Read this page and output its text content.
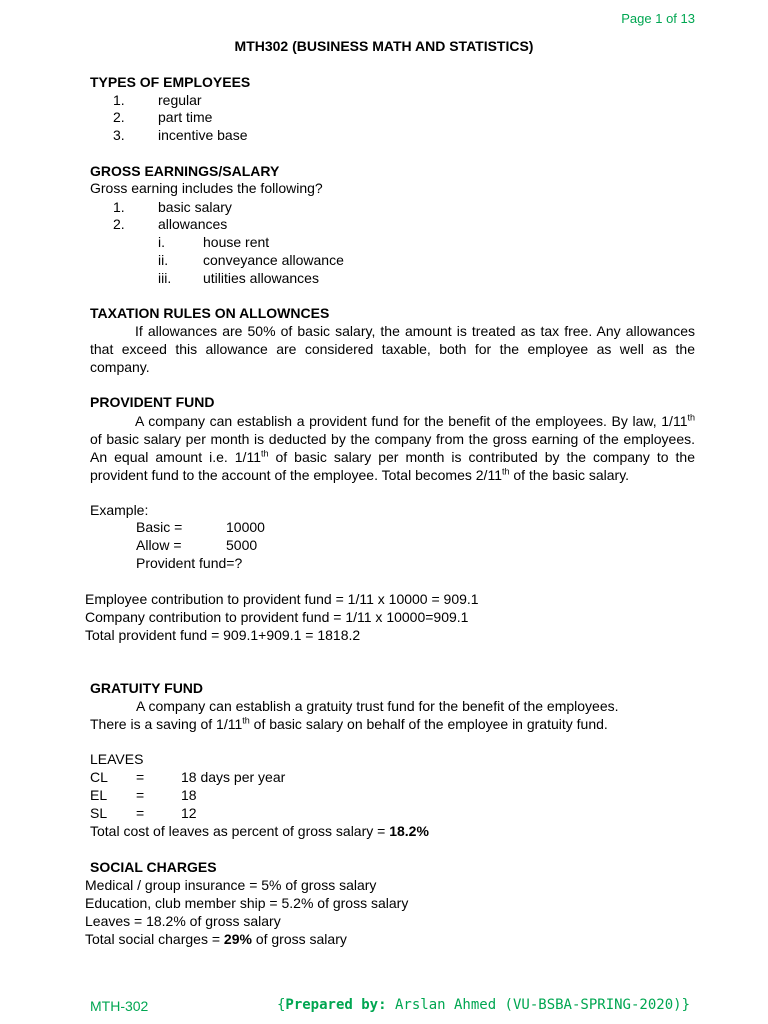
Page 1 of 13
MTH302 (BUSINESS MATH AND STATISTICS)
TYPES OF EMPLOYEES
1. regular
2. part time
3. incentive base
GROSS EARNINGS/SALARY
Gross earning includes the following?
1. basic salary
2. allowances
i.	house rent
ii. conveyance allowance
iii. utilities allowances
TAXATION RULES ON ALLOWNCES

If allowances are 50% of basic salary, the amount is treated as tax free. Any allowances that exceed this allowance are considered taxable, both for the employee as well as the company.

PROVIDENT FUND

A company can establish a provident fund for the benefit of the employees. By law, 1/11th of basic salary per month is deducted by the company from the gross earning of the employees. An equal amount i.e. 1/11th of basic salary per month is contributed by the company to the provident fund to the account of the employee. Total becomes 2/11th of the basic salary.

Example:
Basic =	10000
Allow =	5000
Provident fund=?
Employee contribution to provident fund = 1/11 x 10000 = 909.1
Company contribution to provident fund = 1/11 x 10000=909.1
Total provident fund = 909.1+909.1 = 1818.2
GRATUITY FUND
A company can establish a gratuity trust fund for the benefit of the employees.
There is a saving of 1/11th of basic salary on behalf of the employee in gratuity fund.
LEAVES
CL =	18 days per year
EL =	18
SL =	12
Total cost of leaves as percent of gross salary = 18.2%
SOCIAL CHARGES
Medical / group insurance = 5% of gross salary
Education, club member ship = 5.2% of gross salary
Leaves = 18.2% of gross salary
Total social charges = 29% of gross salary
MTH-302	{Prepared by: Arslan Ahmed (VU-BSBA-SPRING-2020)}
